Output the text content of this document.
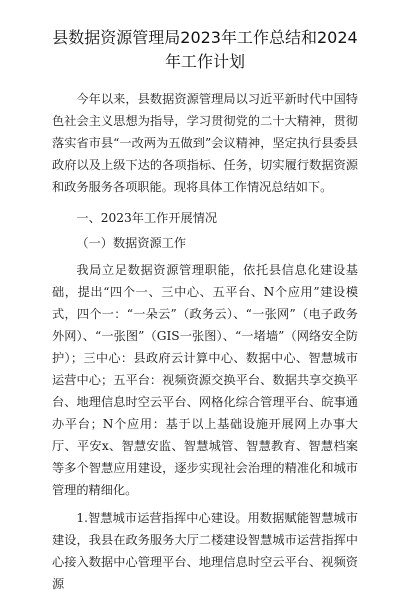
县数据资源管理局2023年工作总结和2024
年工作计划

今年以来，县数据资源管理局以习近平新时代中国特色社会主义思想为指导，学习贯彻党的二十大精神，贯彻落实省市县“一改两为五做到”会议精神，坚定执行县委县政府以及上级下达的各项指标、任务，切实履行数据资源和政务服务各项职能。现将具体工作情况总结如下。

一、2023年工作开展情况

（一）数据资源工作

我局立足数据资源管理职能，依托县信息化建设基础，提出“四个一、三中心、五平台、N个应用”建设模式，四个一：“一朵云”（政务云）、“一张网”（电子政务外网）、“一张图”（GIS一张图）、“一堵墙”（网络安全防护）；三中心：县政府云计算中心、数据中心、智慧城市运营中心；五平台：视频资源交换平台、数据共享交换平台、地理信息时空云平台、网格化综合管理平台、皖事通办平台；N个应用：基于以上基础设施开展网上办事大厅、平安x、智慧安监、智慧城管、智慧教育、智慧档案等多个智慧应用建设，逐步实现社会治理的精准化和城市管理的精细化。

1.智慧城市运营指挥中心建设。用数据赋能智慧城市建设，我县在政务服务大厅二楼建设智慧城市运营指挥中心接入数据中心管理平台、地理信息时空云平台、视频资源
